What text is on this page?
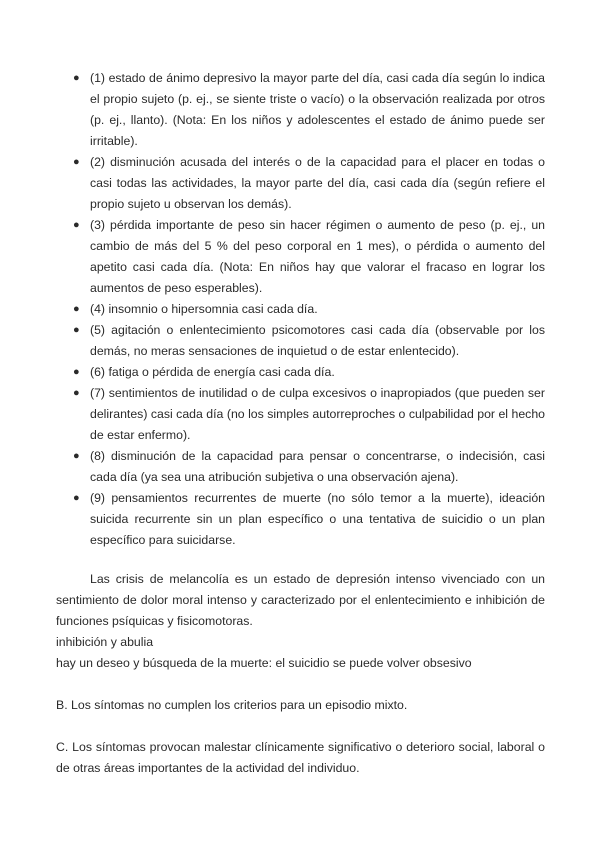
● (1) estado de ánimo depresivo la mayor parte del día, casi cada día según lo indica el propio sujeto (p. ej., se siente triste o vacío) o la observación realizada por otros (p. ej., llanto). (Nota: En los niños y adolescentes el estado de ánimo puede ser irritable).
● (2) disminución acusada del interés o de la capacidad para el placer en todas o casi todas las actividades, la mayor parte del día, casi cada día (según refiere el propio sujeto u observan los demás).
● (3) pérdida importante de peso sin hacer régimen o aumento de peso (p. ej., un cambio de más del 5 % del peso corporal en 1 mes), o pérdida o aumento del apetito casi cada día. (Nota: En niños hay que valorar el fracaso en lograr los aumentos de peso esperables).
● (4) insomnio o hipersomnia casi cada día.
● (5) agitación o enlentecimiento psicomotores casi cada día (observable por los demás, no meras sensaciones de inquietud o de estar enlentecido).
● (6) fatiga o pérdida de energía casi cada día.
● (7) sentimientos de inutilidad o de culpa excesivos o inapropiados (que pueden ser delirantes) casi cada día (no los simples autorreproches o culpabilidad por el hecho de estar enfermo).
● (8) disminución de la capacidad para pensar o concentrarse, o indecisión, casi cada día (ya sea una atribución subjetiva o una observación ajena).
● (9) pensamientos recurrentes de muerte (no sólo temor a la muerte), ideación suicida recurrente sin un plan específico o una tentativa de suicidio o un plan específico para suicidarse.

Las crisis de melancolía es un estado de depresión intenso vivenciado con un sentimiento de dolor moral intenso y caracterizado por el enlentecimiento e inhibición de funciones psíquicas y fisicomotoras.

inhibición y abulia

hay un deseo y búsqueda de la muerte: el suicidio se puede volver obsesivo

B. Los síntomas no cumplen los criterios para un episodio mixto.

C. Los síntomas provocan malestar clínicamente significativo o deterioro social, laboral o de otras áreas importantes de la actividad del individuo.
